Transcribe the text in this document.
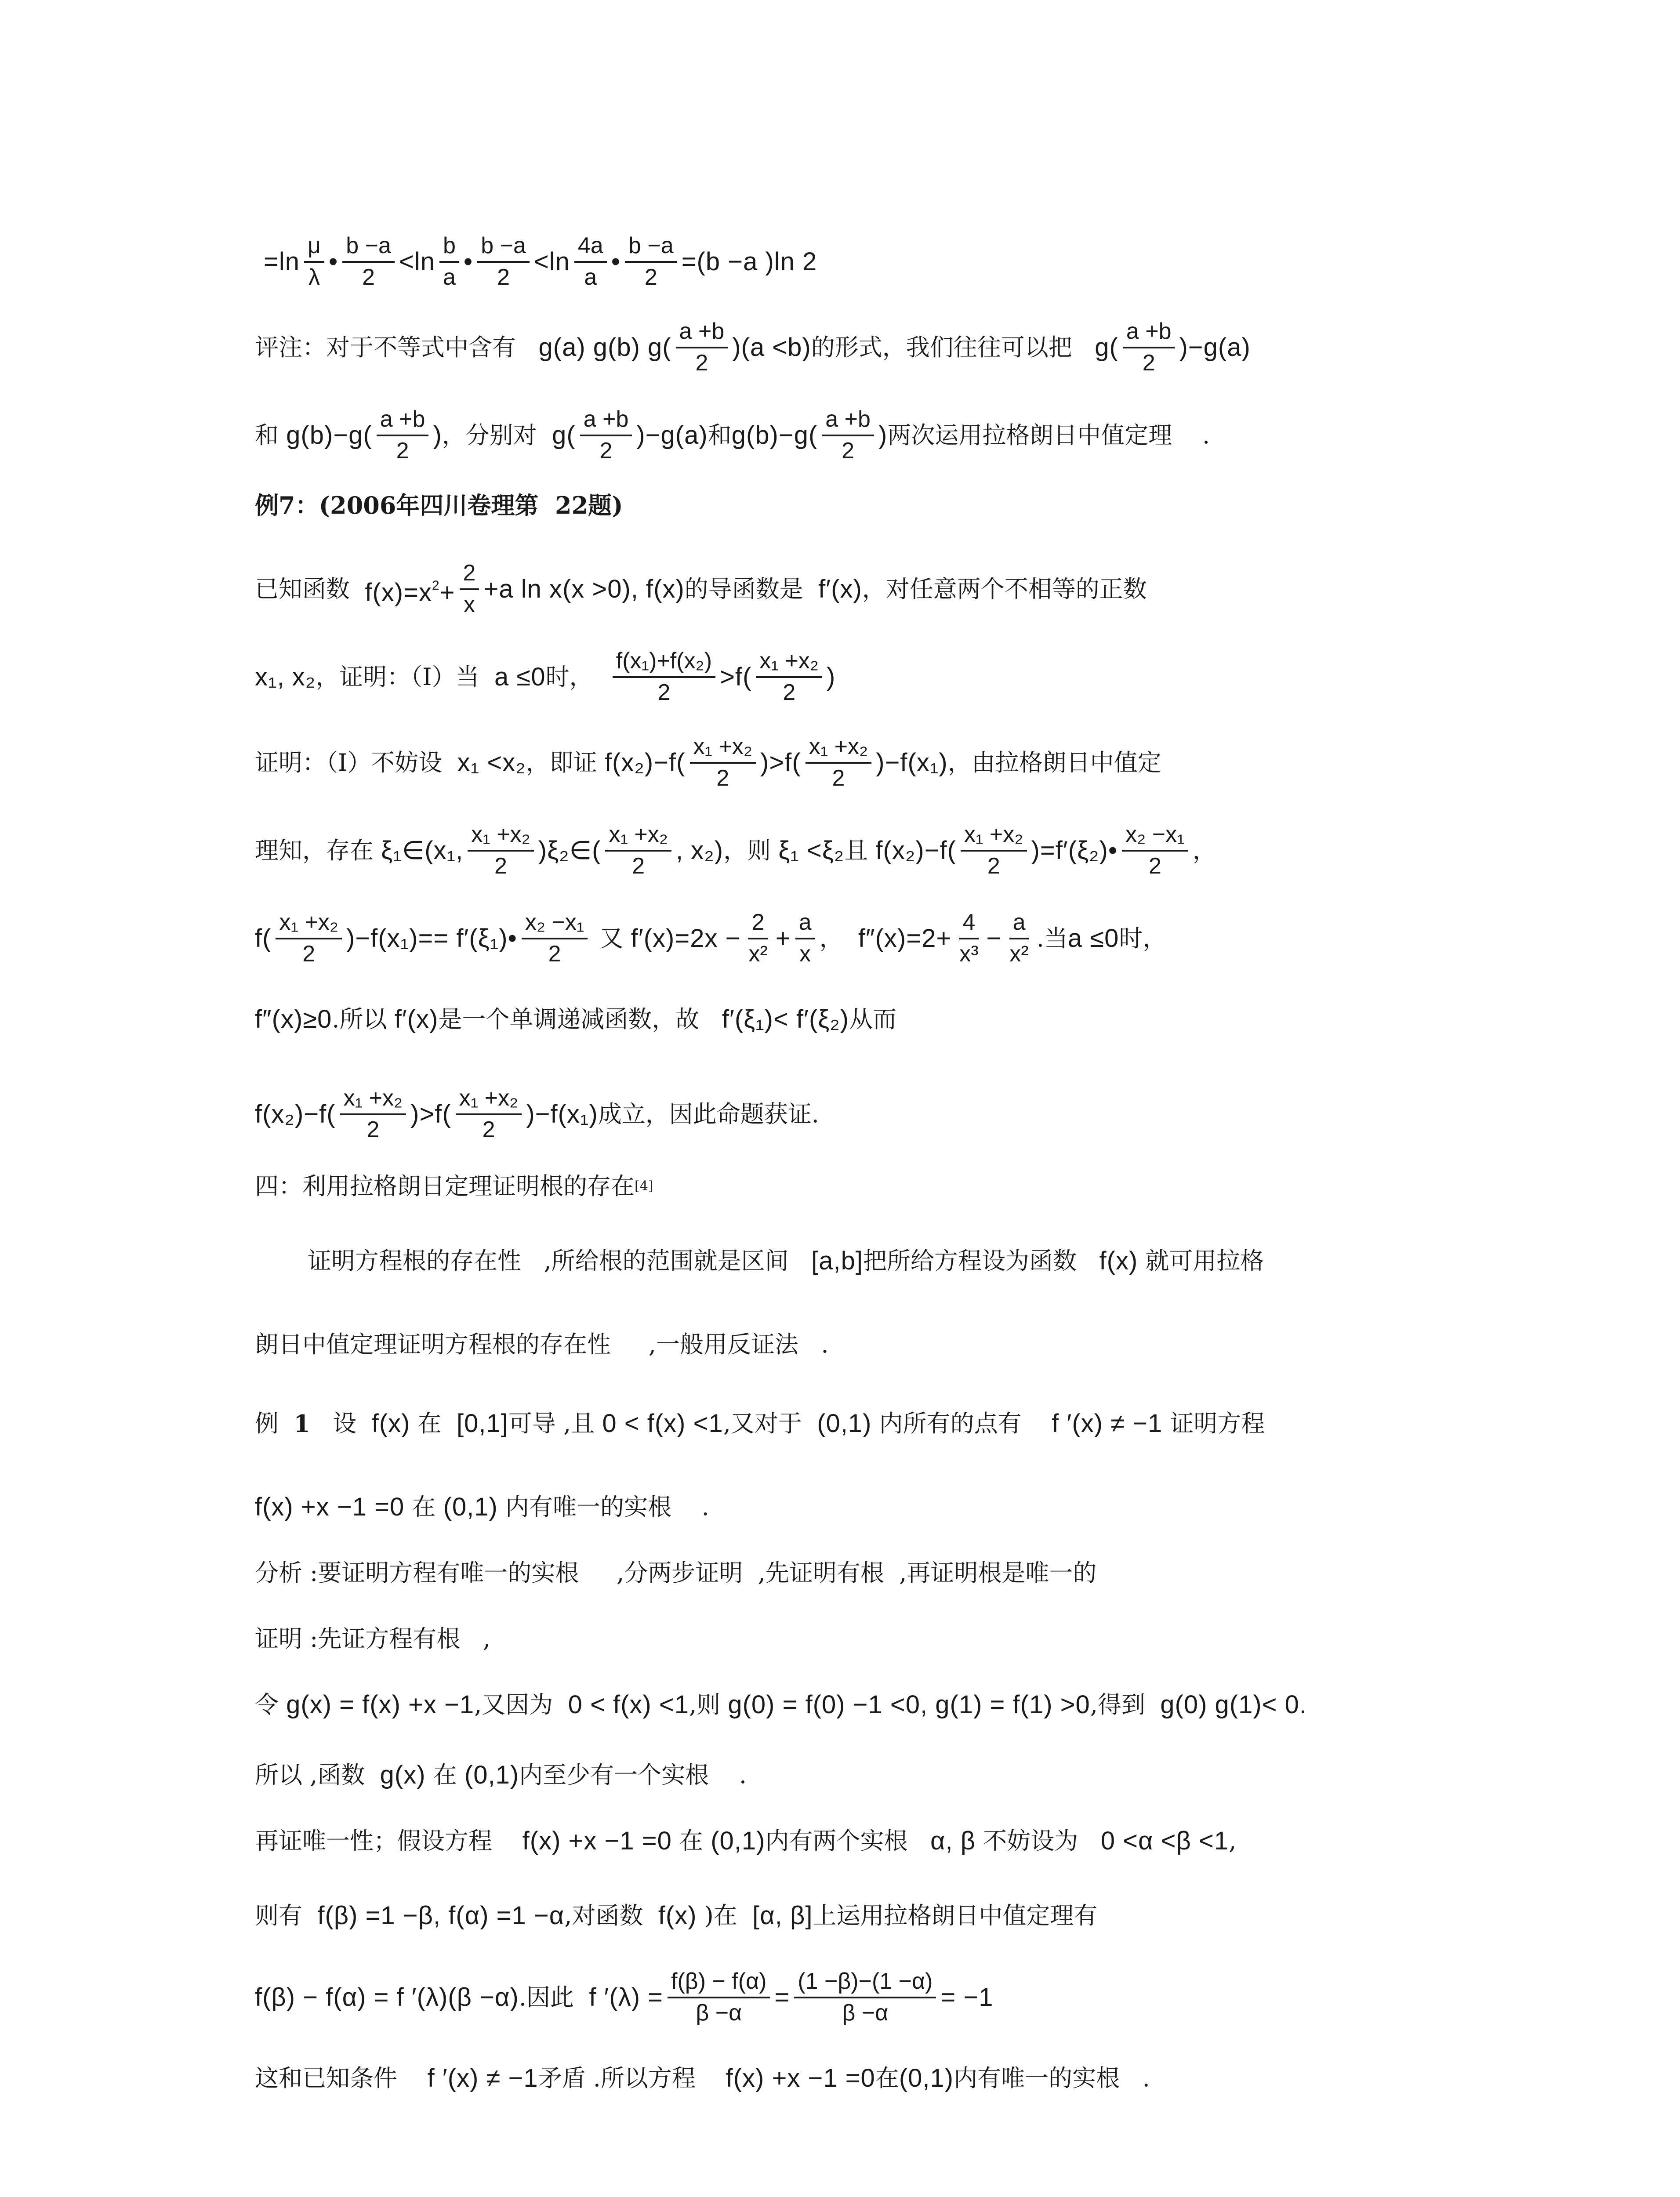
$=\ln \frac{\mu}{\lambda}$ • $\frac{b -a}{2} <\ln \frac{b}{a}$ • $\frac{b -a}{2} <\ln \frac{4a}{a}$ • $\frac{b -a}{2} =(b -a$ )ln 2
评注：对于不等式中含有 g(a) g(b) g ( $\frac{a +b}{2}$ ) (a <b) 的形式，我们往往可以把 g ( $\frac{a +b}{2} )-g(a)$
和 g(b)−g ( $\frac{a +b}{2}$ ) ，分别对 g ( $\frac{a +b}{2} )-g(a)$ 和 g(b)−g ( $\frac{a +b}{2}$ ) 两次运用拉格朗日中值定理    .
例7：(2006年四川卷理第  22题)
已知函数 $f(x)=x^2+ \frac{2}{x} +a$ ln x(x >0), f(x) 的导函数是 f′(x) ，对任意两个不相等的正数
x₁, x₂ ，证明：（Ⅰ）当 a ≤0 时， $\frac{\text{f(x₁)+f(x₂)}}{2} >f$ ( $\frac{\text{x₁ +x₂}}{2}$ )
证明：（Ⅰ）不妨设 x₁ <x₂ ，即证 f(x₂)−f ( $\frac{\text{x₁ +x₂}}{2} )>f$ ( $\frac{\text{x₁ +x₂}}{2} )-f(x_1)$ ，由拉格朗日中值定
理知，存在 ξ₁∈ (x₁, $\frac{\text{x₁ +x₂}}{2}$ ) ξ₂∈ ( $\frac{\text{x₁ +x₂}}{2}$ , x₂) ，则 ξ₁ <ξ₂ 且 f(x₂)−f ( $\frac{\text{x₁ +x₂}}{2}$ )=f′(ξ₂)• $\frac{\text{x₂ −x₁}}{2}$ ，
f ( $\frac{\text{x₁ +x₂}}{2} )-f(x_1)==$ f′(ξ₁)• $\frac{\text{x₂ −x₁}}{2}$ 又 $f'(x)=2x - \frac{2}{\text{x²}} + \frac{a}{x}$ ， $f''(x)=2+ \frac{4}{\text{x³}} - \frac{a}{\text{x²}}$ .当 a ≤0 时，
f″(x)≥0 .所以 f′(x) 是一个单调递减函数，故 f′(ξ₁)< f′(ξ₂) 从而
f(x₂)−f ( $\frac{\text{x₁ +x₂}}{2} )>f$ ( $\frac{\text{x₁ +x₂}}{2} )-f(x_1)$ 成立，因此命题获证.
四：利用拉格朗日定理证明根的存在 [4]
证明方程根的存在性   ,所给根的范围就是区间 [a,b] 把所给方程设为函数 f(x) 就可用拉格
朗日中值定理证明方程根的存在性     ,一般用反证法   .
例 1 设 f(x) 在 [0,1] 可导 ,且 0 < f(x) <1 ,又对于 (0,1) 内所有的点有 f ′(x) ≠ −1 证明方程
f(x) +x −1 =0 在 (0,1) 内有唯一的实根    .
分析 :要证明方程有唯一的实根     ,分两步证明  ,先证明有根  ,再证明根是唯一的
证明 :先证方程有根   ,
令 g(x) = f(x) +x −1 ,又因为 0 < f(x) <1 ,则 g(0) = f(0) −1 <0, g(1) = f(1) >0 ,得到 g(0) g(1)< 0.
所以 ,函数 g(x) 在 (0,1) 内至少有一个实根    .
再证唯一性；假设方程 f(x) +x −1 =0 在 (0,1) 内有两个实根 α, β 不妨设为 0 <α <β <1 ,
则有 f(β) =1 −β, f(α) =1 −α ,对函数 f(x) )在 [α, β] 上运用拉格朗日中值定理有
f(β) − f(α) = f ′(λ)(β −α) .因此 f $'(\lambda) = \frac{f(\beta) - f(\alpha)}{\beta -\alpha} = \frac{(1 -\beta)-(1 -\alpha)}{\beta -\alpha} = -1$
这和已知条件 f ′(x) ≠ −1 矛盾 .所以方程 f(x) +x −1 =0 在 (0,1) 内有唯一的实根   .
